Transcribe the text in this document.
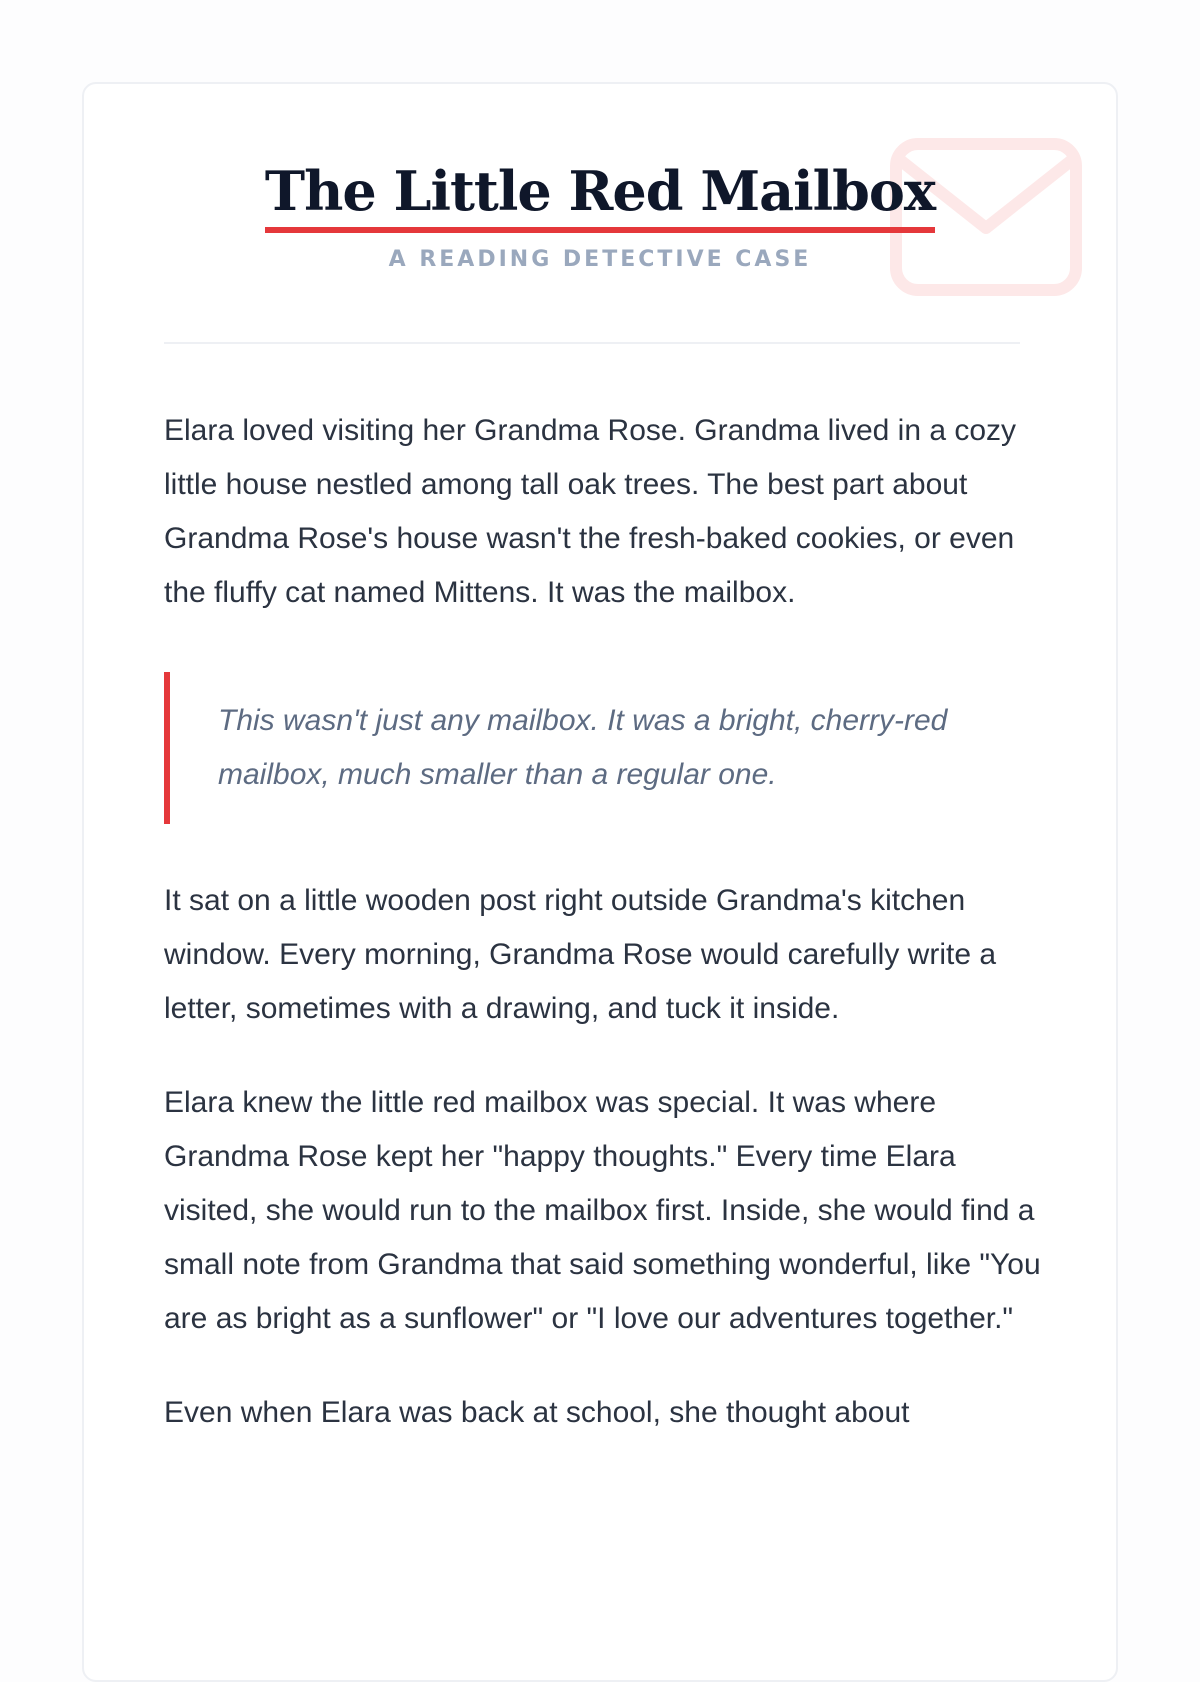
The Little Red Mailbox
A READING DETECTIVE CASE

Elara loved visiting her Grandma Rose. Grandma lived in a cozy little house nestled among tall oak trees. The best part about Grandma Rose's house wasn't the fresh-baked cookies, or even the fluffy cat named Mittens. It was the mailbox.

This wasn't just any mailbox. It was a bright, cherry-red mailbox, much smaller than a regular one.

It sat on a little wooden post right outside Grandma's kitchen window. Every morning, Grandma Rose would carefully write a letter, sometimes with a drawing, and tuck it inside.

Elara knew the little red mailbox was special. It was where Grandma Rose kept her "happy thoughts." Every time Elara visited, she would run to the mailbox first. Inside, she would find a small note from Grandma that said something wonderful, like "You are as bright as a sunflower" or "I love our adventures together."

Even when Elara was back at school, she thought about
